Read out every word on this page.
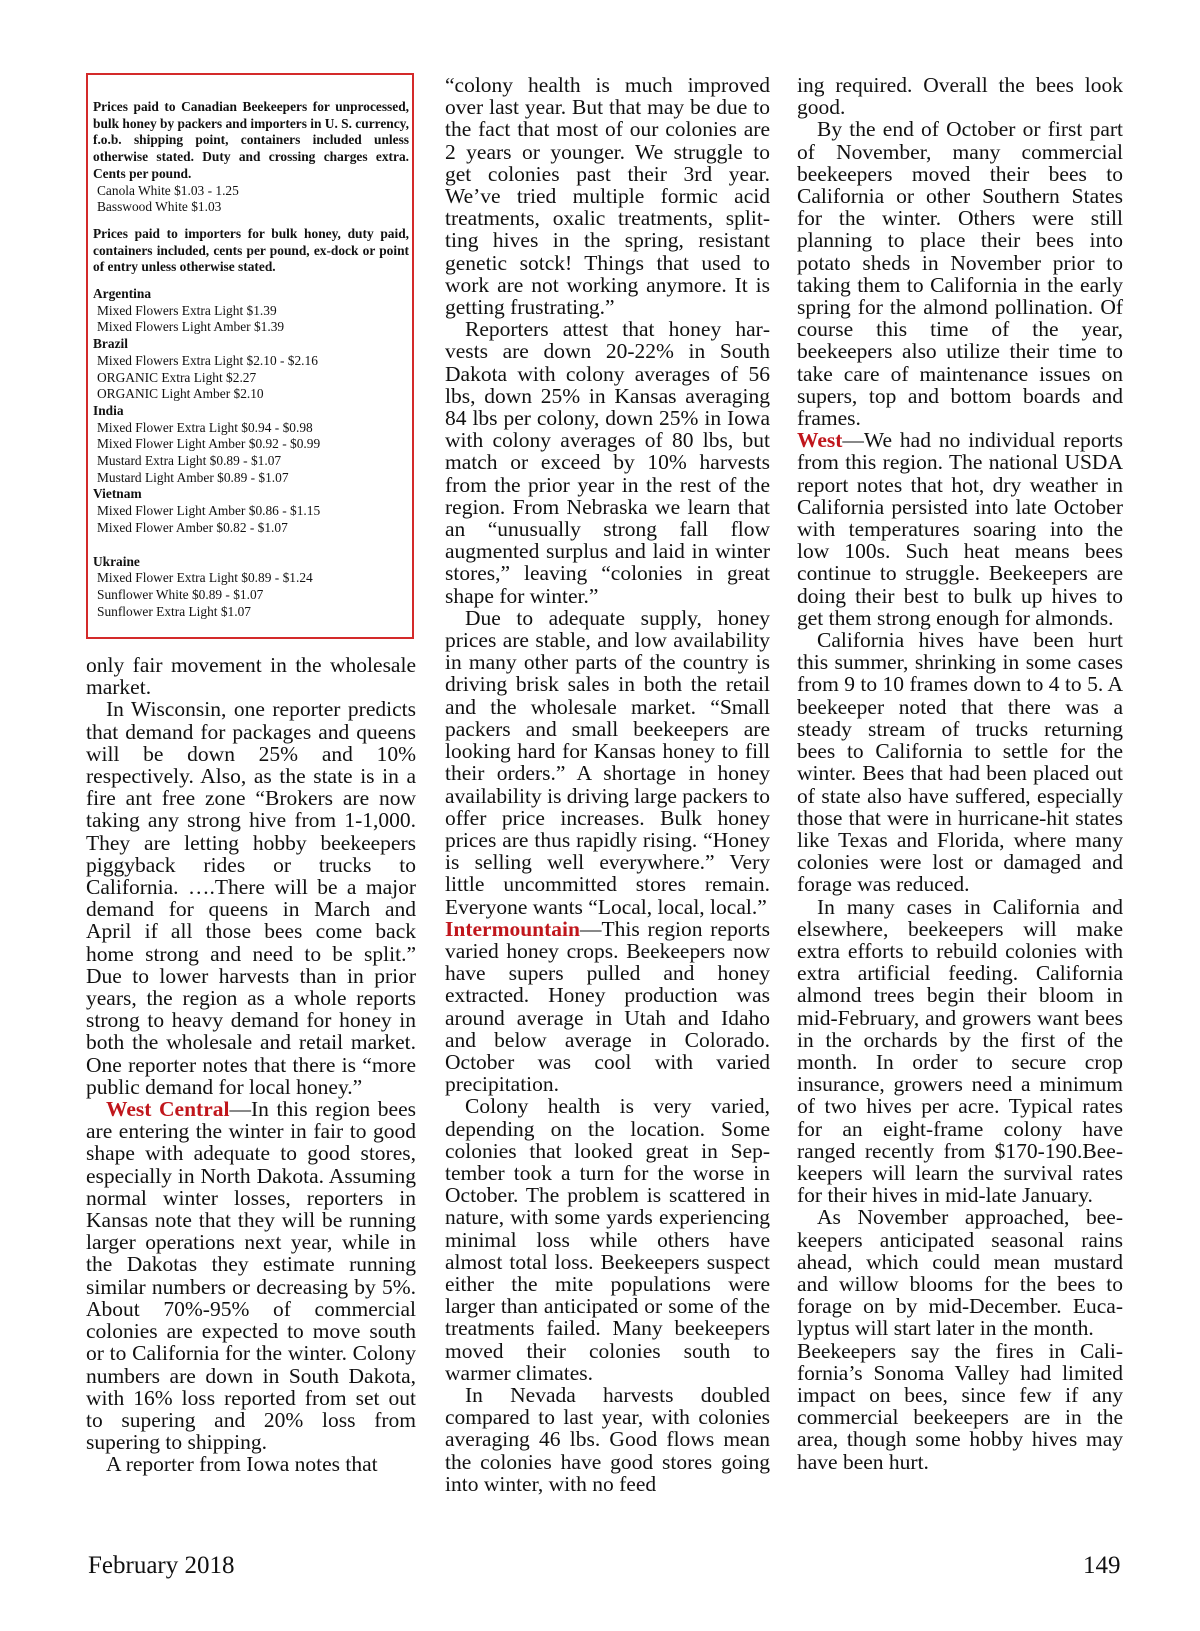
Prices paid to Canadian Beekeepers for unprocessed, bulk honey by packers and importers in U. S. currency, f.o.b. shipping point, containers included unless otherwise stated. Duty and crossing charges extra. Cents per pound.

Canola White $1.03 - 1.25

Basswood White $1.03

Prices paid to importers for bulk honey, duty paid, containers included, cents per pound, ex-dock or point of entry unless otherwise stated.

Argentina

Mixed Flowers Extra Light $1.39

Mixed Flowers Light Amber $1.39

Brazil

Mixed Flowers Extra Light $2.10 - $2.16

ORGANIC Extra Light $2.27

ORGANIC Light Amber $2.10

India

Mixed Flower Extra Light $0.94 - $0.98

Mixed Flower Light Amber $0.92 - $0.99

Mustard Extra Light $0.89 - $1.07

Mustard Light Amber $0.89 - $1.07

Vietnam

Mixed Flower Light Amber $0.86 - $1.15

Mixed Flower Amber $0.82 - $1.07

Ukraine

Mixed Flower Extra Light $0.89 - $1.24

Sunflower White $0.89 - $1.07

Sunflower Extra Light $1.07

only fair movement in the wholesale market.

In Wisconsin, one reporter predicts that demand for packages and queens will be down 25% and 10% respectively. Also, as the state is in a fire ant free zone “Brokers are now taking any strong hive from 1-1,000. They are letting hobby beekeepers piggyback rides or trucks to California. ….There will be a major demand for queens in March and April if all those bees come back home strong and need to be split.” Due to lower harvests than in prior years, the region as a whole reports strong to heavy demand for honey in both the wholesale and retail market. One reporter notes that there is “more public demand for local honey.”

West Central—In this region bees are entering the winter in fair to good shape with adequate to good stores, especially in North Dakota. Assuming normal winter losses, reporters in Kansas note that they will be running larger operations next year, while in the Dakotas they estimate running similar numbers or decreasing by 5%. About 70%-95% of commercial colonies are expected to move south or to California for the winter. Colony numbers are down in South Dakota, with 16% loss reported from set out to supering and 20% loss from supering to shipping.

A reporter from Iowa notes that

“colony health is much improved over last year. But that may be due to the fact that most of our colonies are 2 years or younger. We struggle to get colonies past their 3rd year. We’ve tried multiple formic acid treatments, oxalic treatments, splitting hives in the spring, resistant genetic sotck! Things that used to work are not working anymore. It is getting frustrating.”

Reporters attest that honey harvests are down 20-22% in South Dakota with colony averages of 56 lbs, down 25% in Kansas averaging 84 lbs per colony, down 25% in Iowa with colony averages of 80 lbs, but match or exceed by 10% harvests from the prior year in the rest of the region. From Nebraska we learn that an “unusually strong fall flow augmented surplus and laid in winter stores,” leaving “colonies in great shape for winter.”

Due to adequate supply, honey prices are stable, and low availability in many other parts of the country is driving brisk sales in both the retail and the wholesale market. “Small packers and small beekeepers are looking hard for Kansas honey to fill their orders.” A shortage in honey availability is driving large packers to offer price increases. Bulk honey prices are thus rapidly rising. “Honey is selling well everywhere.” Very little uncommitted stores remain. Everyone wants “Local, local, local.”

Intermountain—This region reports varied honey crops. Beekeepers now have supers pulled and honey extracted. Honey production was around average in Utah and Idaho and below average in Colorado. October was cool with varied precipitation.

Colony health is very varied, depending on the location. Some colonies that looked great in September took a turn for the worse in October. The problem is scattered in nature, with some yards experiencing minimal loss while others have almost total loss. Beekeepers suspect either the mite populations were larger than anticipated or some of the treatments failed. Many beekeepers moved their colonies south to warmer climates.

In Nevada harvests doubled compared to last year, with colonies averaging 46 lbs. Good flows mean the colonies have good stores going into winter, with no feed

ing required. Overall the bees look good.

By the end of October or first part of November, many commercial beekeepers moved their bees to California or other Southern States for the winter. Others were still planning to place their bees into potato sheds in November prior to taking them to California in the early spring for the almond pollination. Of course this time of the year, beekeepers also utilize their time to take care of maintenance issues on supers, top and bottom boards and frames.

West—We had no individual reports from this region. The national USDA report notes that hot, dry weather in California persisted into late October with temperatures soaring into the low 100s. Such heat means bees continue to struggle. Beekeepers are doing their best to bulk up hives to get them strong enough for almonds.

California hives have been hurt this summer, shrinking in some cases from 9 to 10 frames down to 4 to 5. A beekeeper noted that there was a steady stream of trucks returning bees to California to settle for the winter. Bees that had been placed out of state also have suffered, especially those that were in hurricane-hit states like Texas and Florida, where many colonies were lost or damaged and forage was reduced.

In many cases in California and elsewhere, beekeepers will make extra efforts to rebuild colonies with extra artificial feeding. California almond trees begin their bloom in mid-February, and growers want bees in the orchards by the first of the month. In order to secure crop insurance, growers need a minimum of two hives per acre. Typical rates for an eight-frame colony have ranged recently from $170-190.Beekeepers will learn the survival rates for their hives in mid-late January.

As November approached, beekeepers anticipated seasonal rains ahead, which could mean mustard and willow blooms for the bees to forage on by mid-December. Eucalyptus will start later in the month.

Beekeepers say the fires in California’s Sonoma Valley had limited impact on bees, since few if any commercial beekeepers are in the area, though some hobby hives may have been hurt.

February 2018	149
